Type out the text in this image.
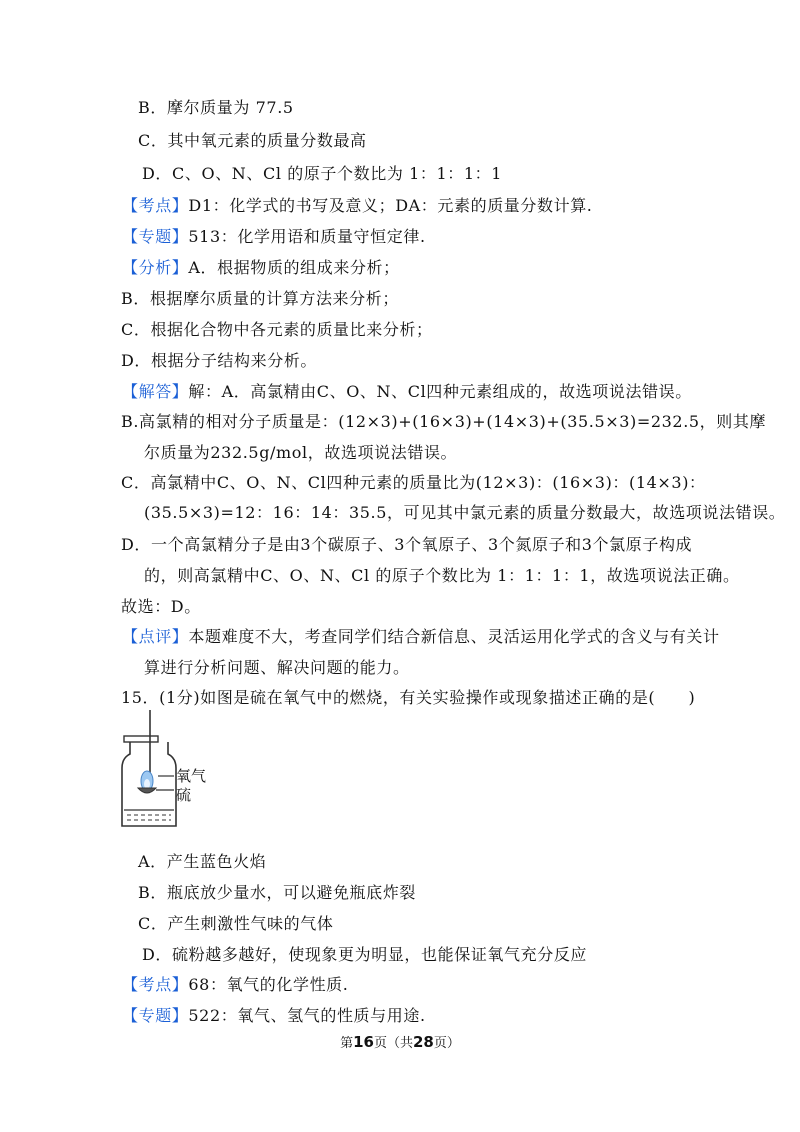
B．摩尔质量为 77.5
C．其中氧元素的质量分数最高
D．C、O、N、Cl 的原子个数比为 1：1：1：1
【考点】D1：化学式的书写及意义；DA：元素的质量分数计算.
【专题】513：化学用语和质量守恒定律.
【分析】A．根据物质的组成来分析；
B．根据摩尔质量的计算方法来分析；
C．根据化合物中各元素的质量比来分析；
D．根据分子结构来分析。
【解答】解：A．高氯精由C、O、N、Cl四种元素组成的，故选项说法错误。
B.高氯精的相对分子质量是：(12×3)+(16×3)+(14×3)+(35.5×3)=232.5，则其摩
尔质量为232.5g/mol，故选项说法错误。
C．高氯精中C、O、N、Cl四种元素的质量比为(12×3)：(16×3)：(14×3)：
(35.5×3)=12：16：14：35.5，可见其中氯元素的质量分数最大，故选项说法错误。
D．一个高氯精分子是由3个碳原子、3个氧原子、3个氮原子和3个氯原子构成
的，则高氯精中C、O、N、Cl 的原子个数比为 1：1：1：1，故选项说法正确。
故选：D。
【点评】本题难度不大，考查同学们结合新信息、灵活运用化学式的含义与有关计
算进行分析问题、解决问题的能力。
15．(1分)如图是硫在氧气中的燃烧，有关实验操作或现象描述正确的是(　　)
氧气
硫
A．产生蓝色火焰
B．瓶底放少量水，可以避免瓶底炸裂
C．产生刺激性气味的气体
D．硫粉越多越好，使现象更为明显，也能保证氧气充分反应
【考点】68：氧气的化学性质.
【专题】522：氧气、氢气的性质与用途.
第16页（共28页）
